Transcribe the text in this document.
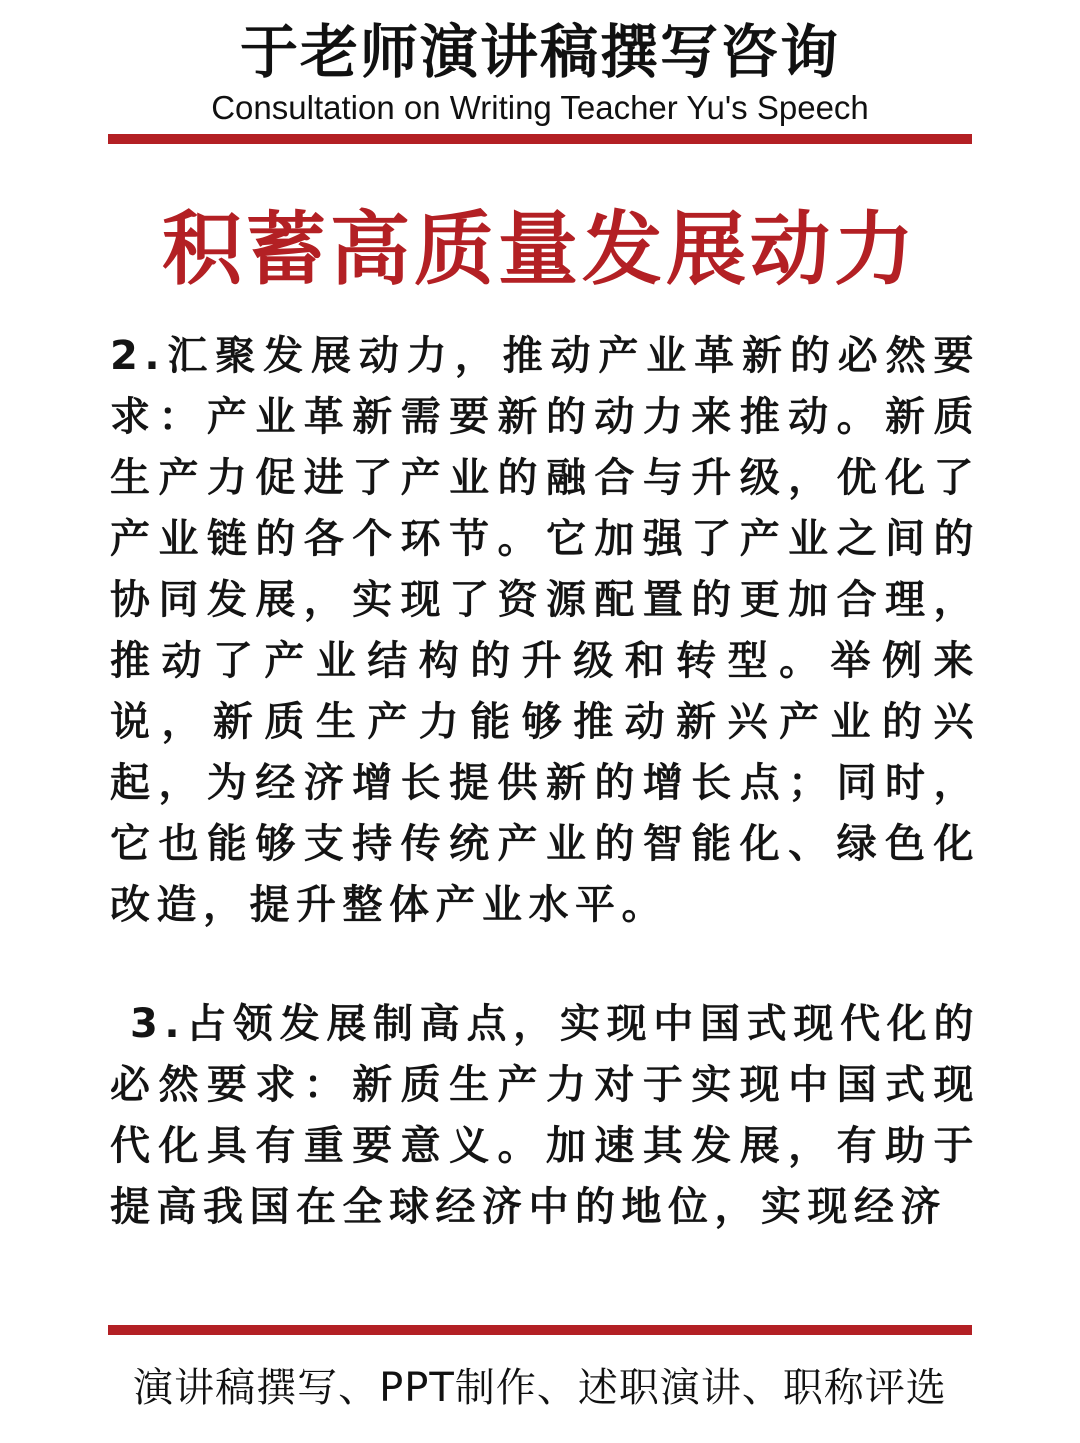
于老师演讲稿撰写咨询
Consultation on Writing Teacher Yu's Speech
积蓄高质量发展动力

2.汇聚发展动力，推动产业革新的必然要求：产业革新需要新的动力来推动。新质生产力促进了产业的融合与升级，优化了产业链的各个环节。它加强了产业之间的协同发展，实现了资源配置的更加合理，推动了产业结构的升级和转型。举例来说，新质生产力能够推动新兴产业的兴起，为经济增长提供新的增长点；同时，它也能够支持传统产业的智能化、绿色化改造，提升整体产业水平。

3.占领发展制高点，实现中国式现代化的必然要求：新质生产力对于实现中国式现代化具有重要意义。加速其发展，有助于提高我国在全球经济中的地位，实现经济

演讲稿撰写、PPT制作、述职演讲、职称评选
